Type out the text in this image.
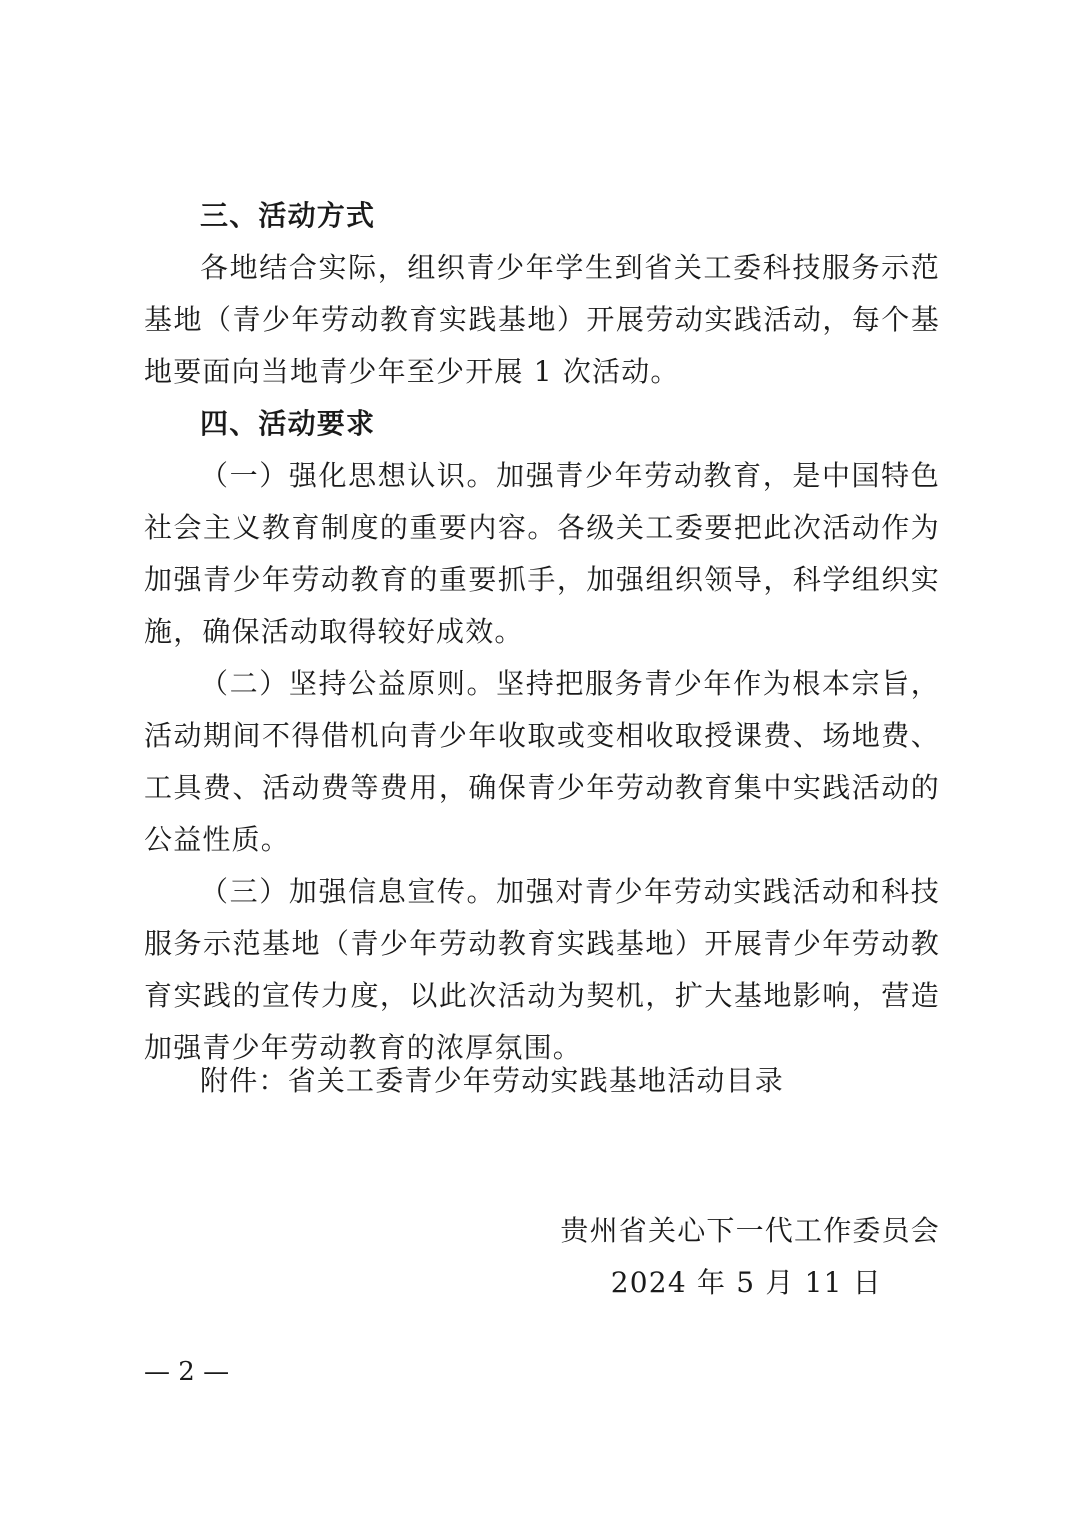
三、活动方式

各地结合实际，组织青少年学生到省关工委科技服务示范基地（青少年劳动教育实践基地）开展劳动实践活动，每个基地要面向当地青少年至少开展 1 次活动。

四、活动要求

（一）强化思想认识。加强青少年劳动教育，是中国特色社会主义教育制度的重要内容。各级关工委要把此次活动作为加强青少年劳动教育的重要抓手，加强组织领导，科学组织实施，确保活动取得较好成效。

（二）坚持公益原则。坚持把服务青少年作为根本宗旨，活动期间不得借机向青少年收取或变相收取授课费、场地费、工具费、活动费等费用，确保青少年劳动教育集中实践活动的公益性质。

（三）加强信息宣传。加强对青少年劳动实践活动和科技服务示范基地（青少年劳动教育实践基地）开展青少年劳动教育实践的宣传力度，以此次活动为契机，扩大基地影响，营造加强青少年劳动教育的浓厚氛围。

附件：省关工委青少年劳动实践基地活动目录
贵州省关心下一代工作委员会
2024 年 5 月 11 日
— 2 —
